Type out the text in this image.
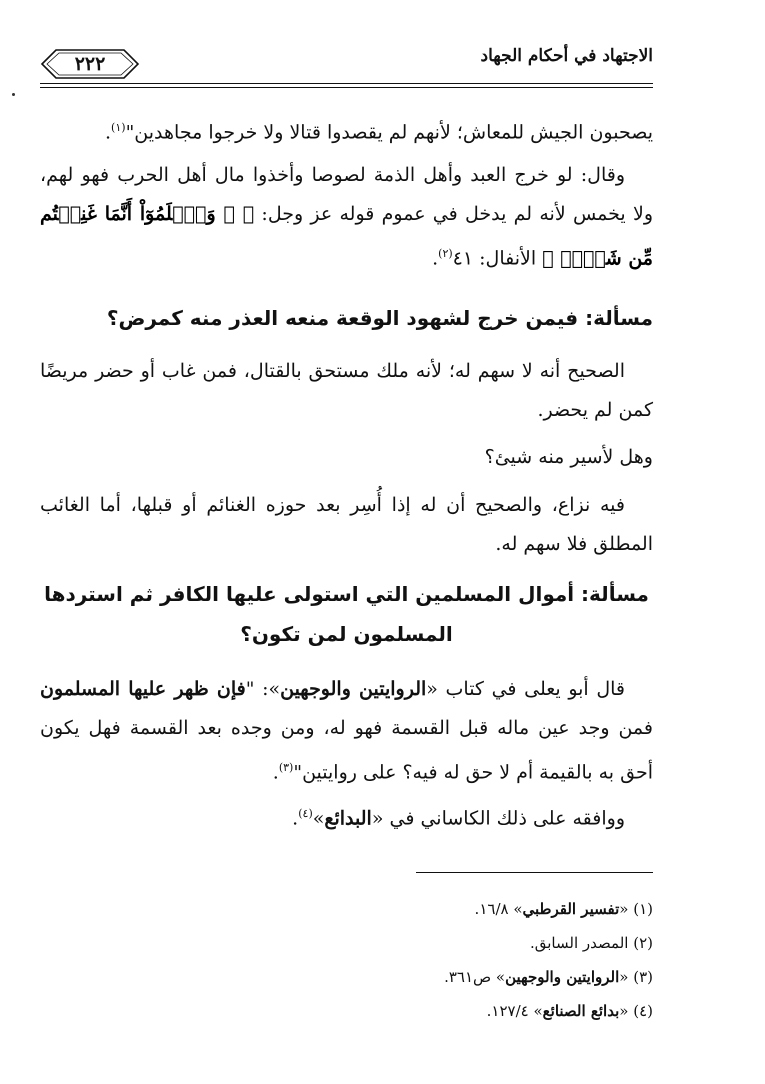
الاجتهاد في أحكام الجهاد
٢٢٢
يصحبون الجيش للمعاش؛ لأنهم لم يقصدوا قتالا ولا خرجوا مجاهدين"$^{(١)}$.
وقال: لو خرج العبد وأهل الذمة لصوصا وأخذوا مال أهل الحرب فهو لهم، ولا يخمس لأنه لم يدخل في عموم قوله عز وجل: ﴿ ۞ وَٱعۡلَمُوٓاْ أَنَّمَا غَنِمۡتُم مِّن شَيۡءٖ ﴾ الأنفال: ٤١$^{(٢)}$.
مسألة: فيمن خرج لشهود الوقعة منعه العذر منه كمرض؟
الصحيح أنه لا سهم له؛ لأنه ملك مستحق بالقتال، فمن غاب أو حضر مريضًا كمن لم يحضر.
وهل لأسير منه شيئ؟
فيه نزاع، والصحيح أن له إذا أُسِر بعد حوزه الغنائم أو قبلها، أما الغائب المطلق فلا سهم له.
مسألة: أموال المسلمين التي استولى عليها الكافر ثم استردها المسلمون لمن تكون؟
قال أبو يعلى في كتاب «الروايتين والوجهين»: "فإن ظهر عليها المسلمون فمن وجد عين ماله قبل القسمة فهو له، ومن وجده بعد القسمة فهل يكون أحق به بالقيمة أم لا حق له فيه؟ على روايتين"$^{(٣)}$.
ووافقه على ذلك الكاساني في «البدائع»$^{(٤)}$.
(١) «تفسير القرطبي» ١٦/٨.
(٢) المصدر السابق.
(٣) «الروايتين والوجهين» ص٣٦١.
(٤) «بدائع الصنائع» ١٢٧/٤.
